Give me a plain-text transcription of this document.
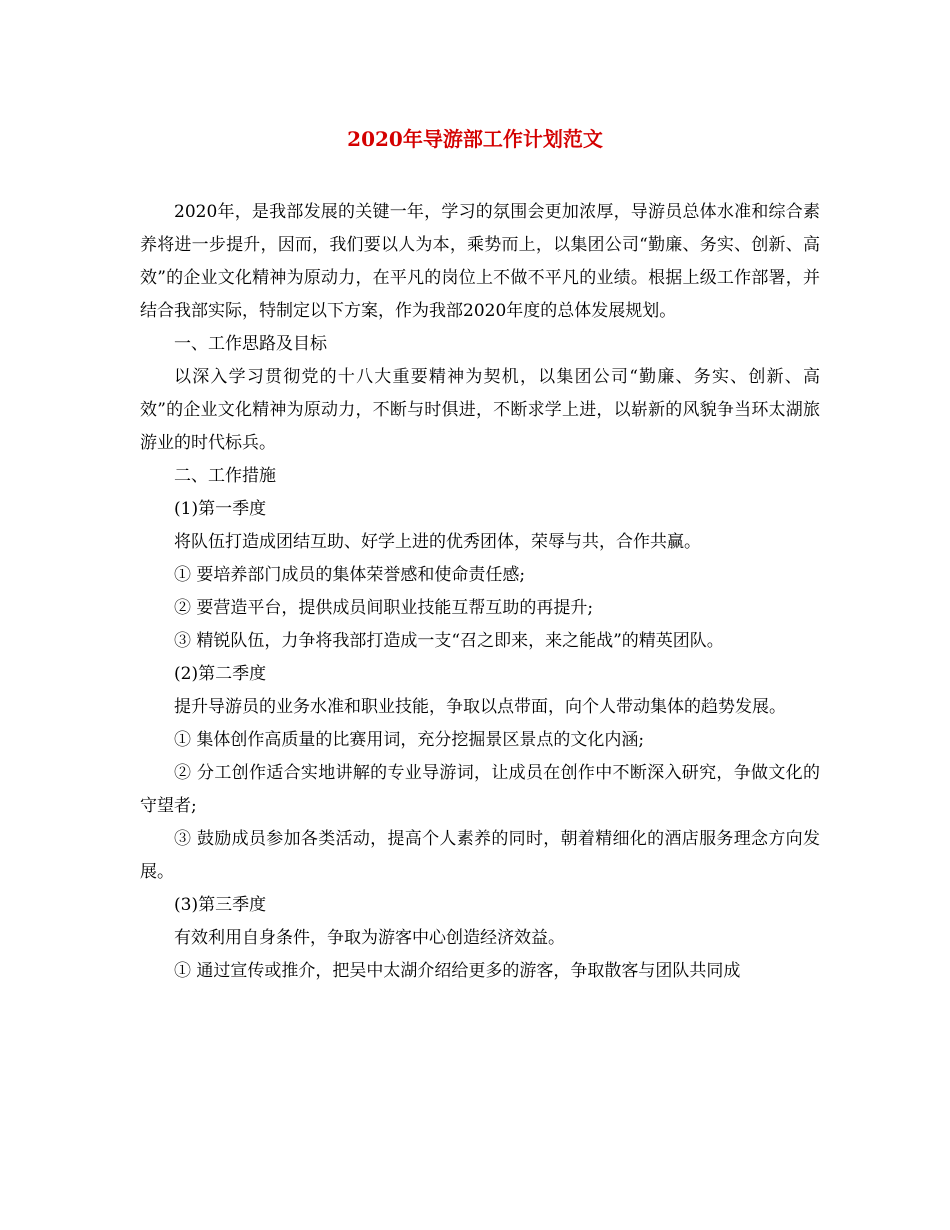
2020年导游部工作计划范文

2020年，是我部发展的关键一年，学习的氛围会更加浓厚，导游员总体水准和综合素养将进一步提升，因而，我们要以人为本，乘势而上，以集团公司“勤廉、务实、创新、高效”的企业文化精神为原动力，在平凡的岗位上不做不平凡的业绩。根据上级工作部署，并结合我部实际，特制定以下方案，作为我部2020年度的总体发展规划。

一、工作思路及目标

以深入学习贯彻党的十八大重要精神为契机，以集团公司“勤廉、务实、创新、高效”的企业文化精神为原动力，不断与时俱进，不断求学上进，以崭新的风貌争当环太湖旅游业的时代标兵。

二、工作措施

(1)第一季度

将队伍打造成团结互助、好学上进的优秀团体，荣辱与共，合作共赢。

① 要培养部门成员的集体荣誉感和使命责任感;

② 要营造平台，提供成员间职业技能互帮互助的再提升;

③ 精锐队伍，力争将我部打造成一支“召之即来，来之能战”的精英团队。

(2)第二季度

提升导游员的业务水准和职业技能，争取以点带面，向个人带动集体的趋势发展。

① 集体创作高质量的比赛用词，充分挖掘景区景点的文化内涵;

② 分工创作适合实地讲解的专业导游词，让成员在创作中不断深入研究，争做文化的守望者;

③ 鼓励成员参加各类活动，提高个人素养的同时，朝着精细化的酒店服务理念方向发展。

(3)第三季度

有效利用自身条件，争取为游客中心创造经济效益。

① 通过宣传或推介，把吴中太湖介绍给更多的游客，争取散客与团队共同成
